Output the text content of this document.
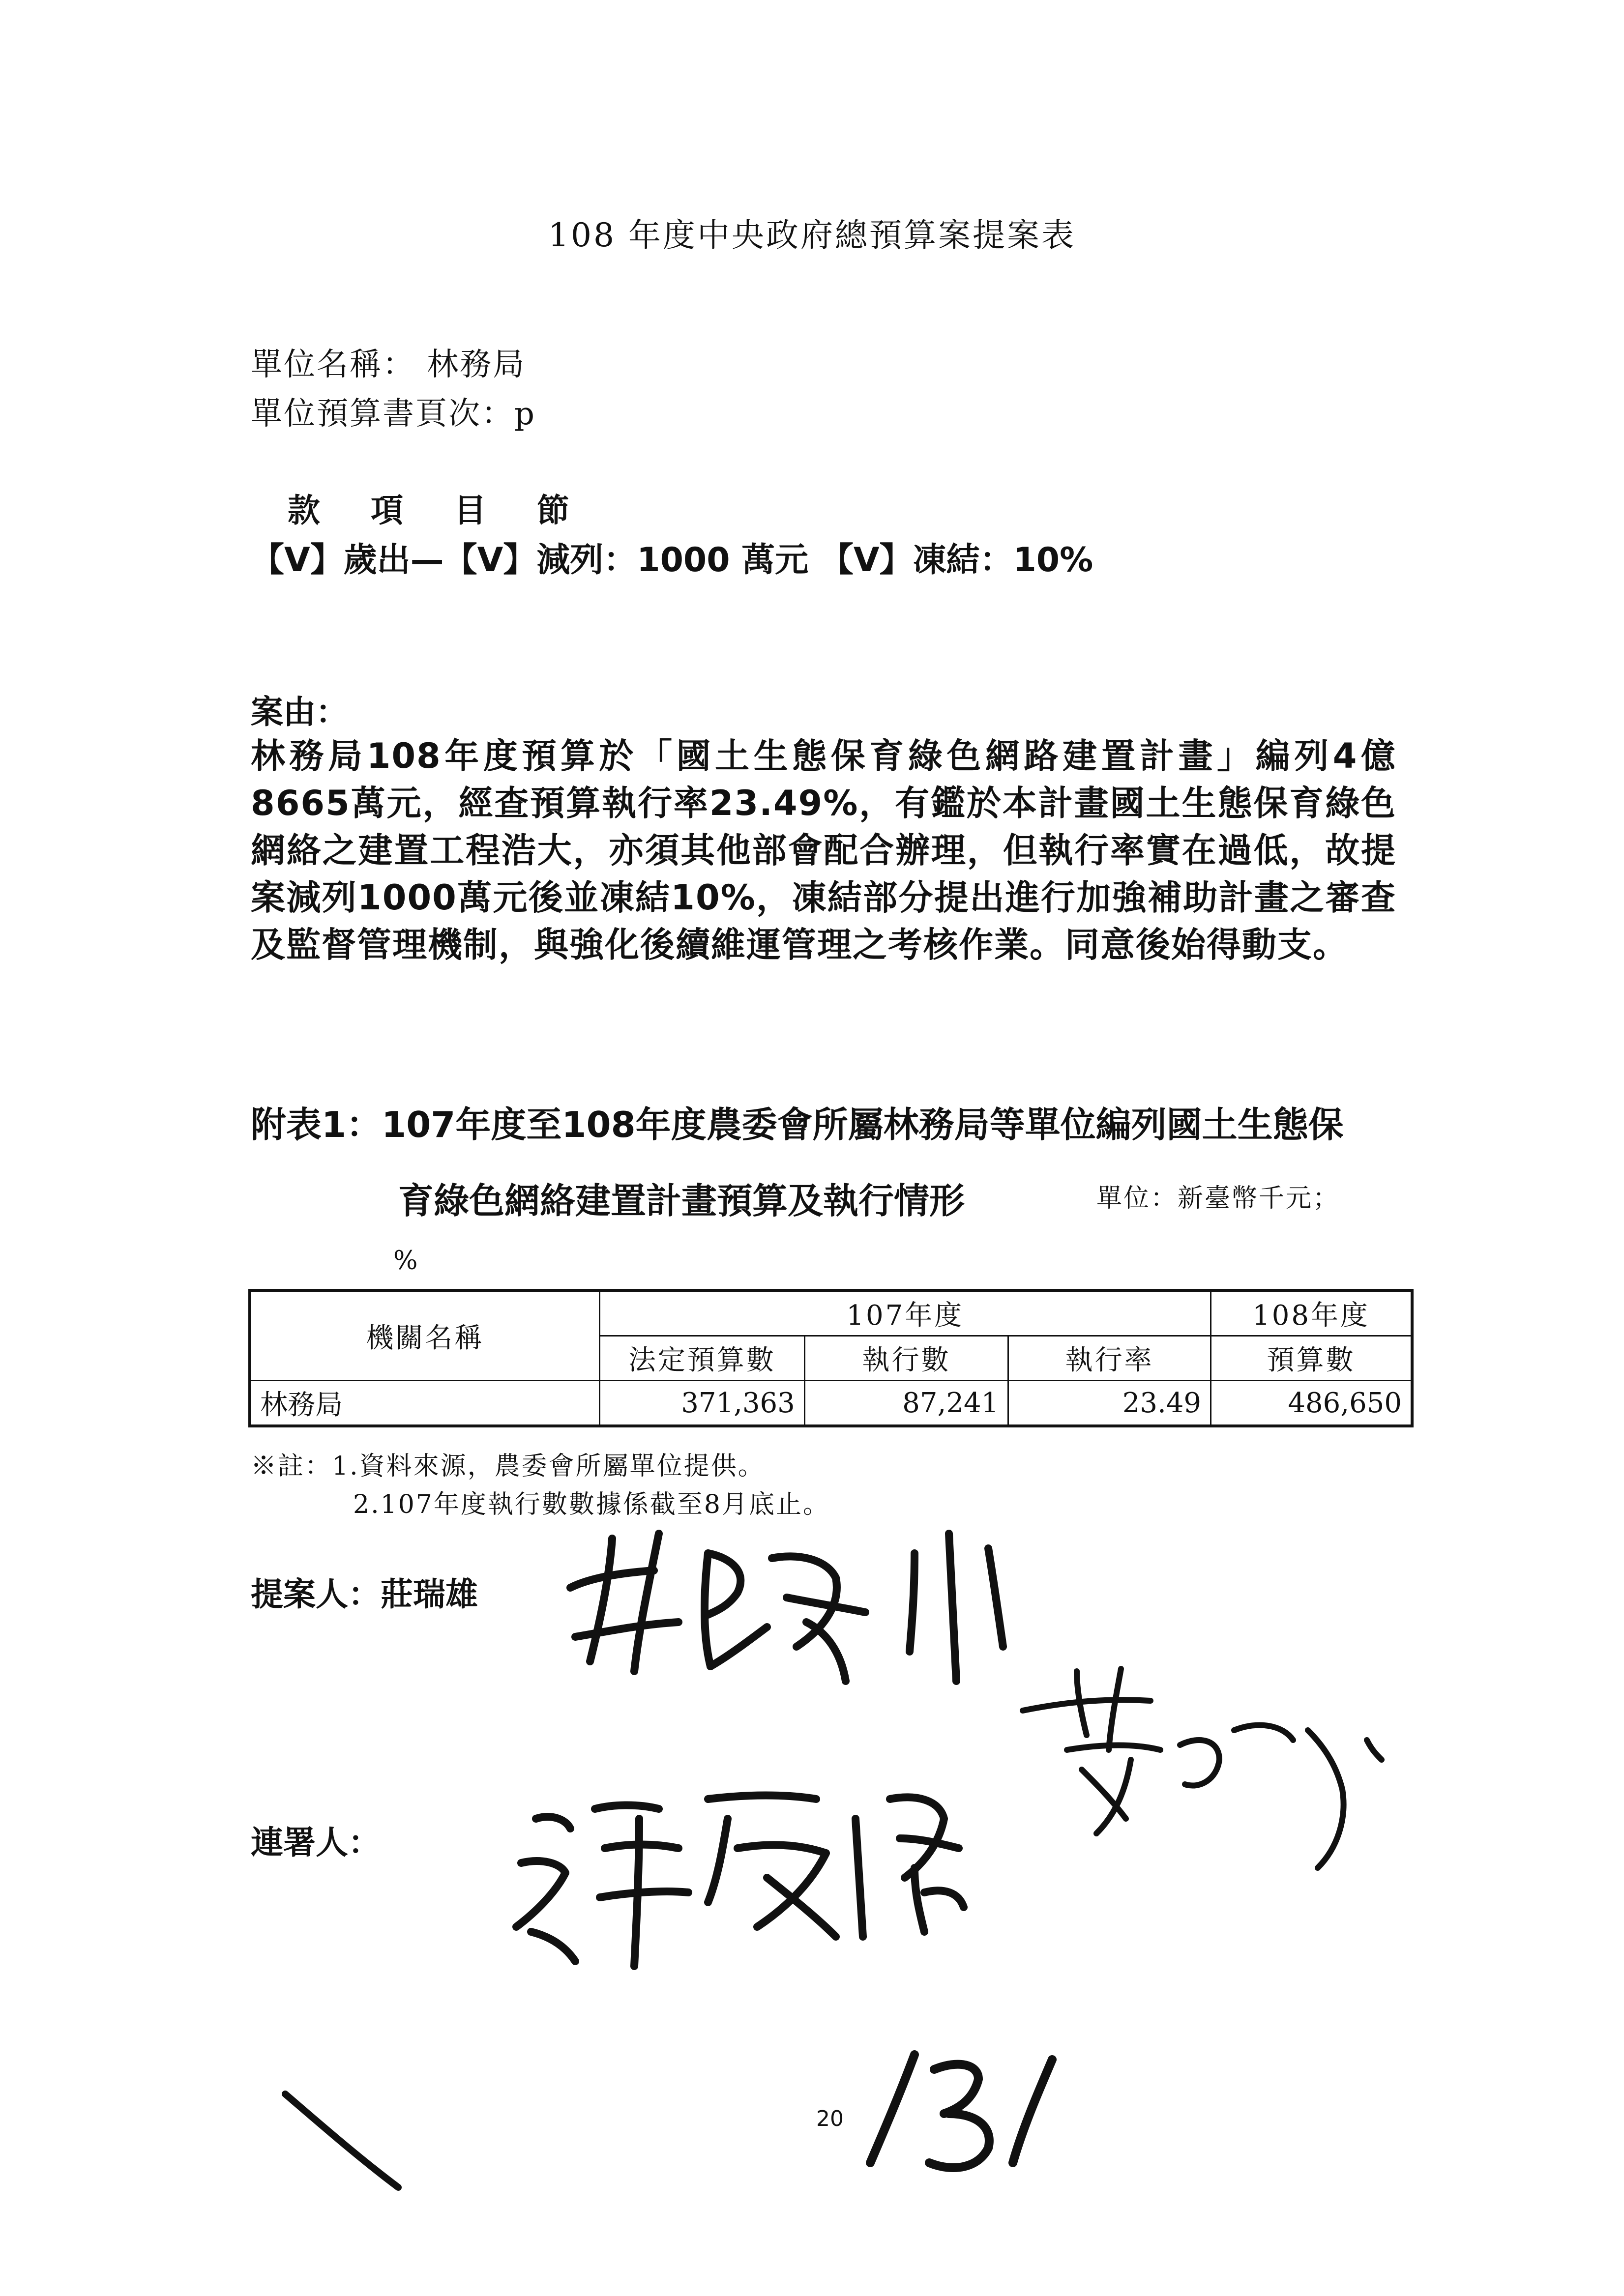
108 年度中央政府總預算案提案表
單位名稱： 林務局
單位預算書頁次：p
款 項 目 節
【V】歲出—【V】減列：1000 萬元 【V】凍結：10%
案由：
林務局108年度預算於「國土生態保育綠色網路建置計畫」編列4億8665萬元，經查預算執行率23.49%，有鑑於本計畫國土生態保育綠色網絡之建置工程浩大，亦須其他部會配合辦理，但執行率實在過低，故提案減列1000萬元後並凍結10%，凍結部分提出進行加強補助計畫之審查及監督管理機制，與強化後續維運管理之考核作業。同意後始得動支。
附表1：107年度至108年度農委會所屬林務局等單位編列國土生態保
育綠色網絡建置計畫預算及執行情形	單位：新臺幣千元；
%
機關名稱	107年度			108年度
	法定預算數	執行數	執行率	預算數
林務局	371,363	87,241	23.49	486,650
※註：1.資料來源，農委會所屬單位提供。
2.107年度執行數數據係截至8月底止。
提案人：莊瑞雄
連署人：
20
